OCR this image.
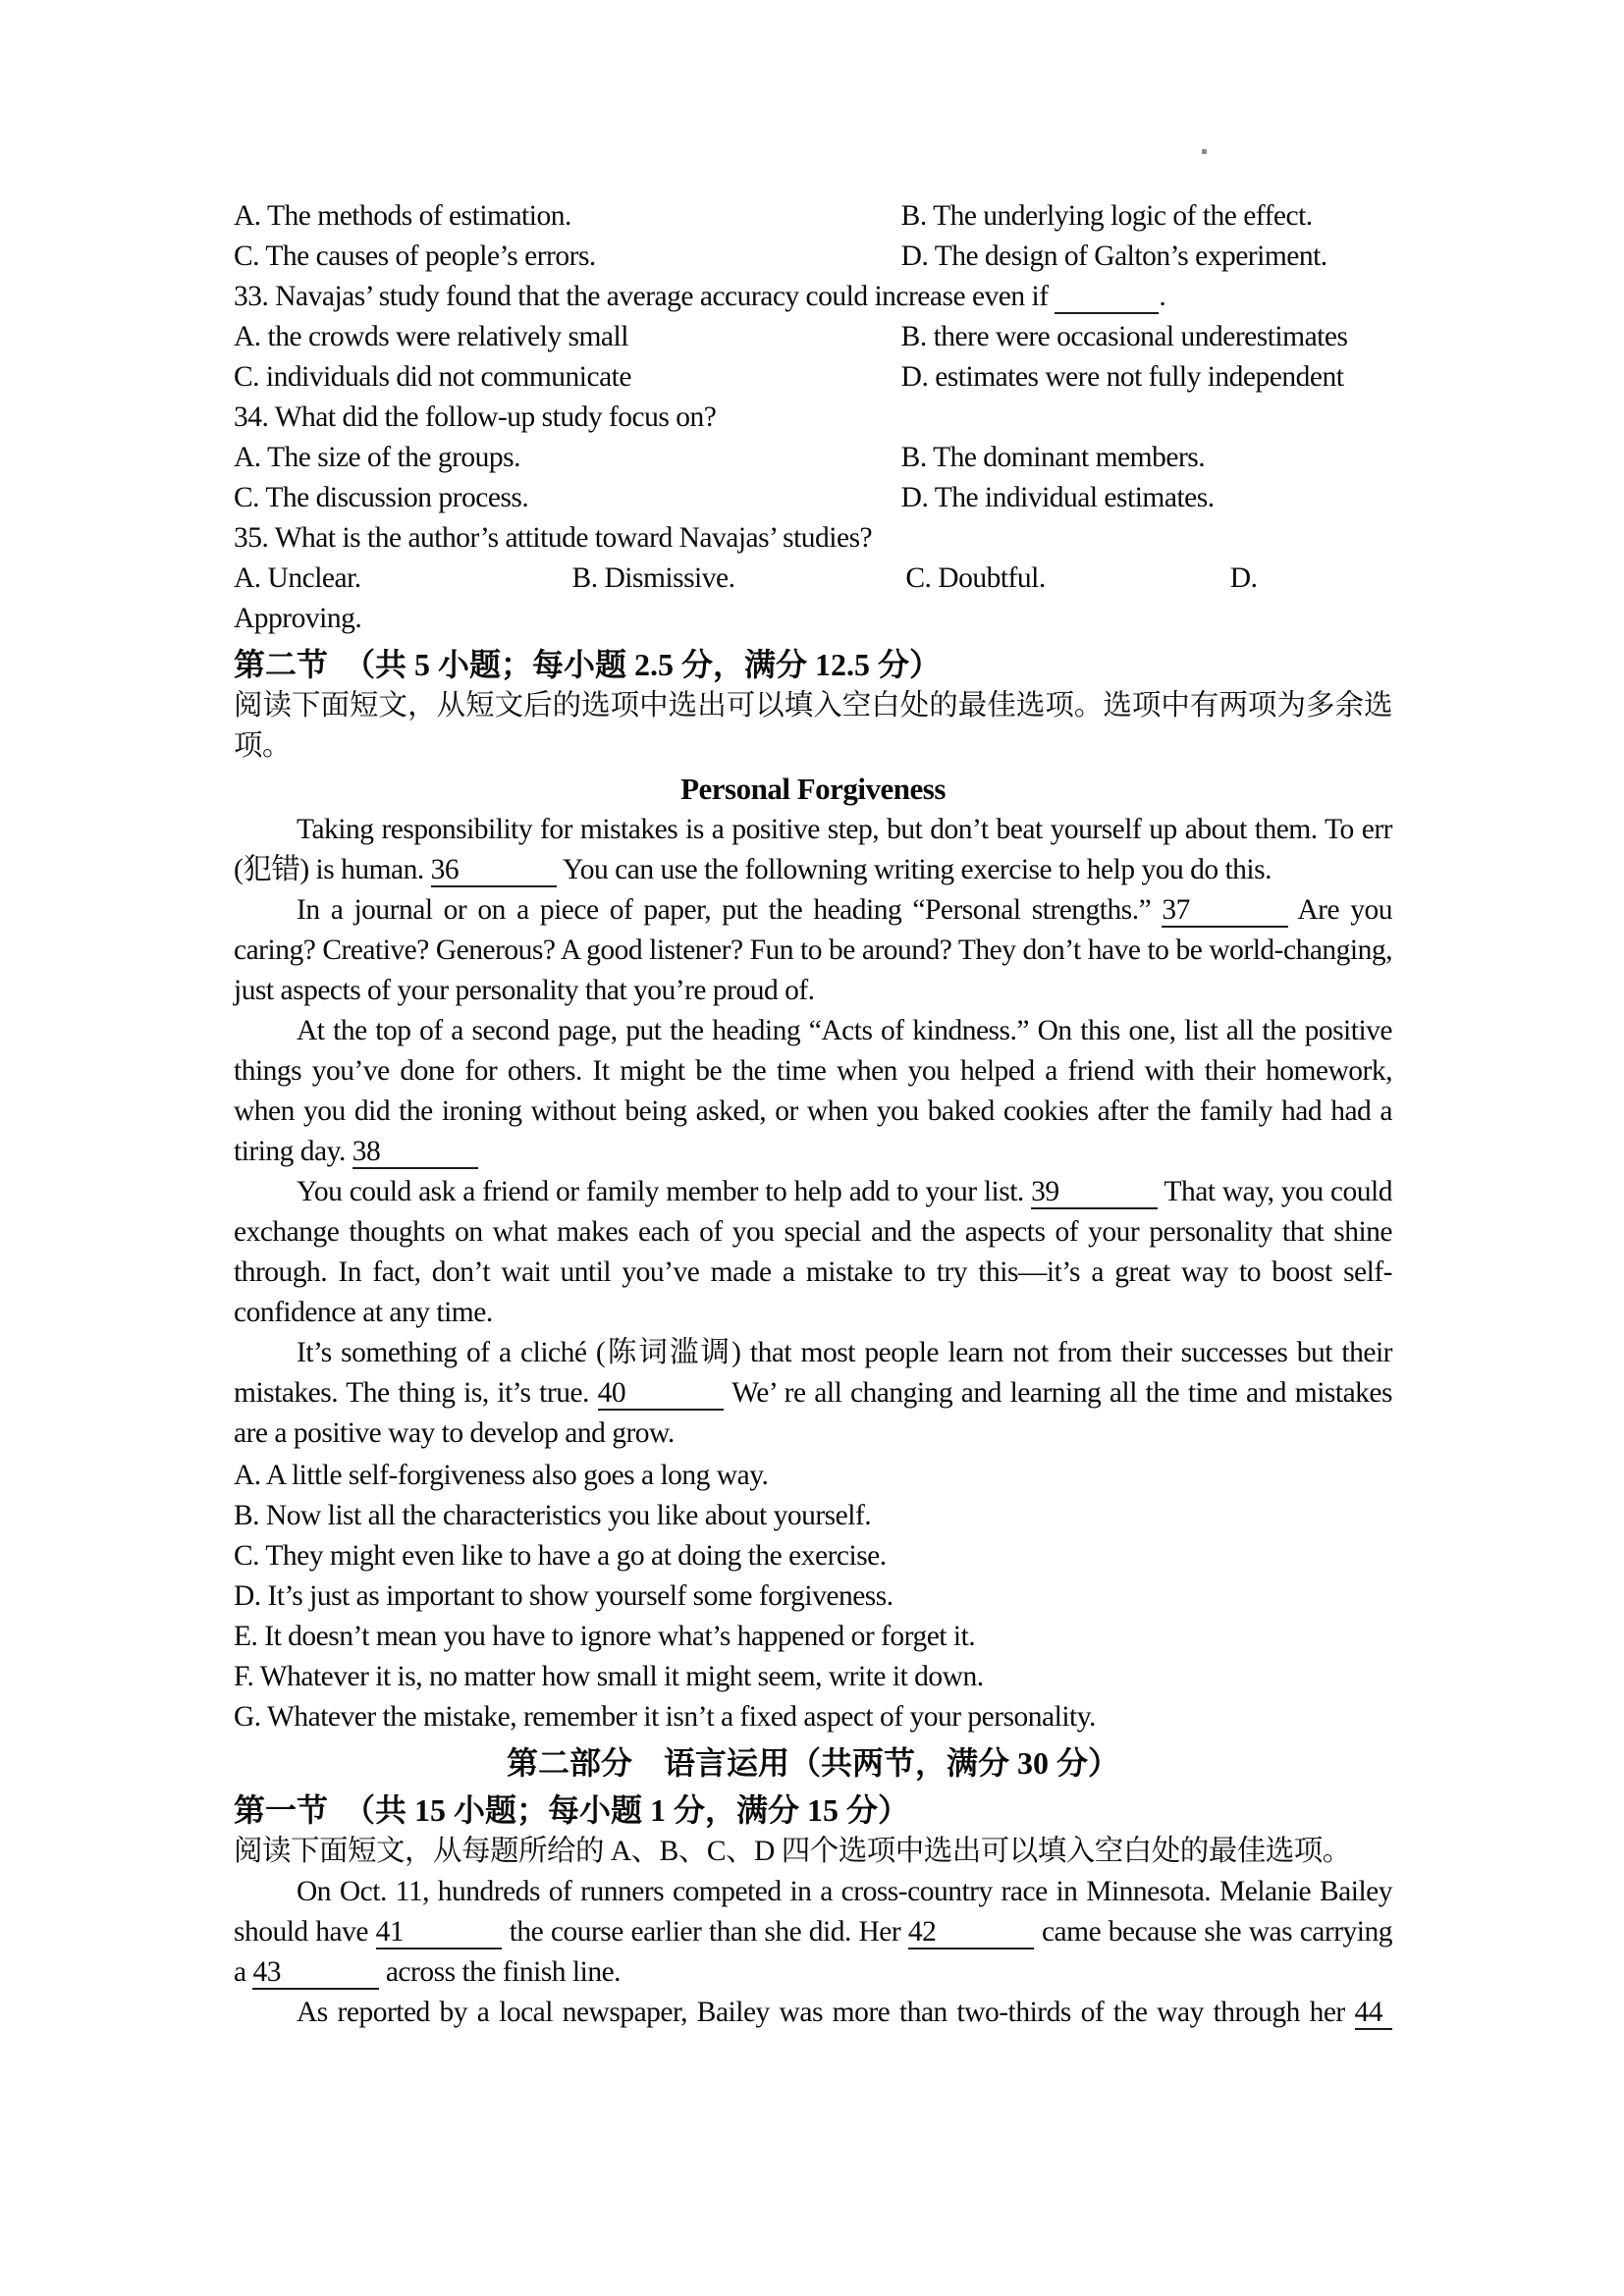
A. The methods of estimation.	B. The underlying logic of the effect.
C. The causes of people’s errors.	D. The design of Galton’s experiment.
33. Navajas’ study found that the average accuracy could increase even if	.
A. the crowds were relatively small	B. there were occasional underestimates
C. individuals did not communicate	D. estimates were not fully independent
34. What did the follow-up study focus on?
A. The size of the groups.	B. The dominant members.
C. The discussion process.	D. The individual estimates.
35. What is the author’s attitude toward Navajas’ studies?
A. Unclear.	B. Dismissive.	C. Doubtful.	D.
Approving.
第二节　（共 5 小题；每小题 2.5 分，满分 12.5 分）
阅读下面短文，从短文后的选项中选出可以填入空白处的最佳选项。选项中有两项为多余选
项。
Personal Forgiveness
Taking responsibility for mistakes is a positive step, but don’t beat yourself up about them. To err (犯错) is human. 36	You can use the followning writing exercise to help you do this.
In a journal or on a piece of paper, put the heading “Personal strengths.” 37	Are you caring? Creative? Generous? A good listener? Fun to be around? They don’t have to be world-changing, just aspects of your personality that you’re proud of.
At the top of a second page, put the heading “Acts of kindness.” On this one, list all the positive things you’ve done for others. It might be the time when you helped a friend with their homework, when you did the ironing without being asked, or when you baked cookies after the family had had a tiring day. 38
You could ask a friend or family member to help add to your list. 39	That way, you could exchange thoughts on what makes each of you special and the aspects of your personality that shine through. In fact, don’t wait until you’ve made a mistake to try this—it’s a great way to boost self-confidence at any time.
It’s something of a cliché (陈词滥调) that most people learn not from their successes but their mistakes. The thing is, it’s true. 40	We’ re all changing and learning all the time and mistakes are a positive way to develop and grow.
A. A little self-forgiveness also goes a long way.
B. Now list all the characteristics you like about yourself.
C. They might even like to have a go at doing the exercise.
D. It’s just as important to show yourself some forgiveness.
E. It doesn’t mean you have to ignore what’s happened or forget it.
F. Whatever it is, no matter how small it might seem, write it down.
G. Whatever the mistake, remember it isn’t a fixed aspect of your personality.
第二部分　语言运用（共两节，满分 30 分）
第一节　（共 15 小题；每小题 1 分，满分 15 分）
阅读下面短文，从每题所给的 A、B、C、D 四个选项中选出可以填入空白处的最佳选项。
On Oct. 11, hundreds of runners competed in a cross-country race in Minnesota. Melanie Bailey should have 41	the course earlier than she did. Her 42	came because she was carrying a 43	across the finish line.
As reported by a local newspaper, Bailey was more than two-thirds of the way through her 44
